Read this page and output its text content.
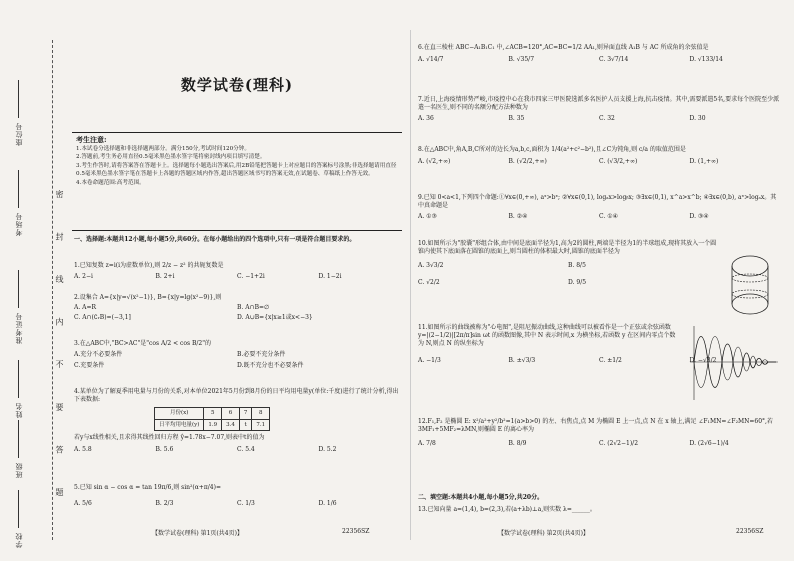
座位号
考场号
准考证号
姓名
班级
学校
密 封 线 内 不 要 答 题
数学试卷(理科)
考生注意:
1.本试卷分选择题和非选择题两部分。满分150分,考试时间120分钟。
2.答题前,考生务必用直径0.5毫米黑色墨水签字笔将密封线内项目填写清楚。
3.考生作答时,请将答案答在答题卡上。选择题每小题选出答案后,用2B铅笔把答题卡上对应题目的答案标号涂黑;非选择题请用直径0.5毫米黑色墨水签字笔在答题卡上各题的答题区域内作答,超出答题区域书写的答案无效,在试题卷、草稿纸上作答无效。
4.本卷命题范围:高考范围。
一、选择题:本题共12小题,每小题5分,共60分。在每小题给出的四个选项中,只有一项是符合题目要求的。
1.已知复数 z=i(i为虚数单位),则 2/z − z² 的共轭复数是
A. 2−i	B. 2+i	C. −1+2i	D. 1−2i
2.设集合 A={x|y=√(x²−1)}, B={x|y=lg(x²−9)},则
A. A=R	B. A∩B=∅
C. A∩(∁ᵣB)=(−3,1]	D. A∪B={x|x≥1或x<−3}
3.在△ABC中,"BC>AC"是"cos A/2 < cos B/2"的
A.充分不必要条件	B.必要不充分条件
C.充要条件	D.既不充分也不必要条件
4.某单位为了解夏季用电量与月份的关系,对本单位2021年5月份到8月份的日平均用电量y(单位:千度)进行了统计分析,得出下表数据:
月份(x)	5	6	7	8
日平均用电量(y)	1.9	3.4	t	7.1
若y与x线性相关,且求得其线性回归方程 ŷ=1.78x−7.07,则表中t的值为
A. 5.8	B. 5.6	C. 5.4	D. 5.2
5.已知 sin α − cos α = tan 19π/6,则 sin²(α+π/4)=
A. 5/6	B. 2/3	C. 1/3	D. 1/6
【数学试卷(理科) 第1页(共4页)】	22356SZ
6.在直三棱柱 ABC−A₁B₁C₁ 中,∠ACB=120°,AC=BC=1/2 AA₁,则异面直线 A₁B 与 AC 所成角的余弦值是
A. √14/7	B. √35/7	C. 3√7/14	D. √133/14
7.近日,上海疫情形势严峻,市疫控中心在我市四家三甲医院选派多名医护人员支援上海,抗击疫情。其中,需要派遣5名,要求每个医院至少派遣一名医生,则不同的名额分配方法种数为
A. 36	B. 35	C. 32	D. 30
8.在△ABC中,角A,B,C所对的边长为a,b,c,面积为 1/4(a²+c²−b²),且∠C为钝角,则 c/a 的取值范围是
A. (√2,+∞)	B. (√2/2,+∞)	C. (√3/2,+∞)	D. (1,+∞)
9.已知 0<a<1,下列四个命题:①∀x∈(0,+∞), aˣ>bˣ; ②∀x∈(0,1), logₐx>logᵦx; ③∃x∈(0,1), x^a>x^b; ④∃x∈(0,b), aˣ>logₐx。其中真命题是
A. ①③	B. ②④	C. ①④	D. ③④
10.如图所示为"胶囊"形组合体,由中间是底面半径为1,高为2的圆柱,两端是半径为1的半球组成,现将其放入一个圆锥内使其下底面落在圆锥的底面上,则当圆柱的体积最大时,圆锥的底面半径为
A. 3√3/2	B. 8/5
C. √2/2	D. 9/5
11.如图所示的曲线被称为"心电图",是阻尼振动曲线,这种曲线可以被看作是一个正弦或余弦函数 y=|(2−1/2)|[2π/π]sin ωt 的函数图像,其中 N 表示时间,x 为横坐标,若函数 y 在区间内零点个数为 N,则点 N 的纵坐标为
A. −1/3	B. ±√3/3	C. ±1/2	D. −√3/2
12.F₁,F₂ 是椭圆 E: x²/a²+y²/b²=1(a>b>0) 的左、右焦点,点 M 为椭圆 E 上一点,点 N 在 x 轴上,满足 ∠F₁MN=∠F₂MN=60°,若 3MF₁+5MF₂=λMN,则椭圆 E 的离心率为
A. 7/8	B. 8/9	C. (2√2−1)/2	D. (2√6−1)/4
二、填空题:本题共4小题,每小题5分,共20分。
13.已知向量 a=(1,4), b=(2,3),若(a+λb)⊥a,则实数 λ=______。
【数学试卷(理科) 第2页(共4页)】	22356SZ
